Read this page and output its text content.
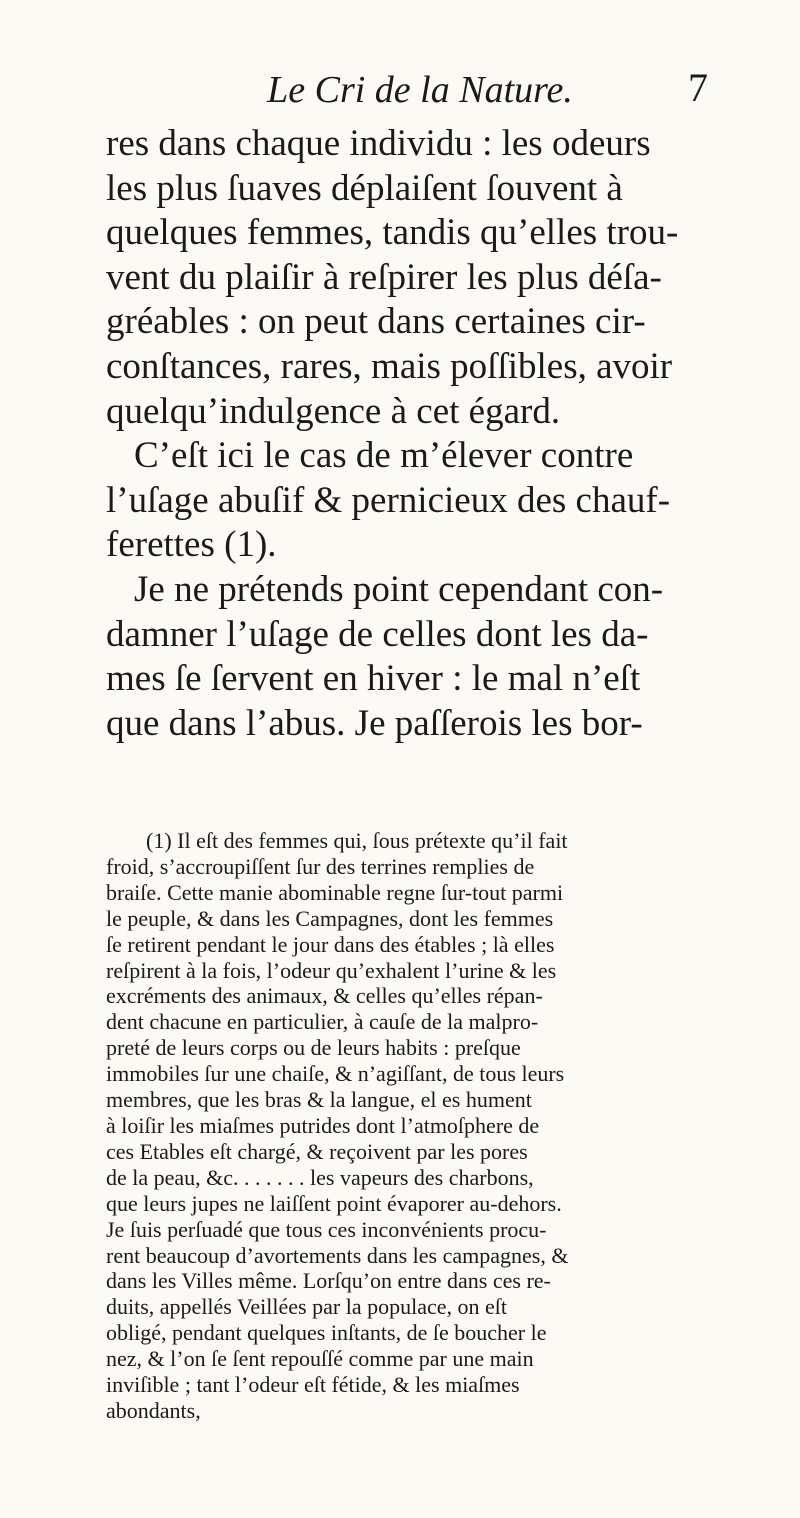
Le Cri de la Nature.	7
res dans chaque individu : les odeurs
les plus ſuaves déplaiſent ſouvent à
quelques femmes, tandis qu’elles trou-
vent du plaiſir à reſpirer les plus déſa-
gréables : on peut dans certaines cir-
conſtances, rares, mais poſſibles, avoir
quelqu’indulgence à cet égard.
C’eſt ici le cas de m’élever contre
l’uſage abuſif & pernicieux des chauf-
ferettes (1).
Je ne prétends point cependant con-
damner l’uſage de celles dont les da-
mes ſe ſervent en hiver : le mal n’eſt
que dans l’abus. Je paſſerois les bor-
(1) Il eſt des femmes qui, ſous prétexte qu’il fait
froid, s’accroupiſſent ſur des terrines remplies de
braiſe. Cette manie abominable regne ſur-tout parmi
le peuple, & dans les Campagnes, dont les femmes
ſe retirent pendant le jour dans des étables ; là elles
reſpirent à la fois, l’odeur qu’exhalent l’urine & les
excréments des animaux, & celles qu’elles répan-
dent chacune en particulier, à cauſe de la malpro-
preté de leurs corps ou de leurs habits : preſque
immobiles ſur une chaiſe, & n’agiſſant, de tous leurs
membres, que les bras & la langue, el es hument
à loiſir les miaſmes putrides dont l’atmoſphere de
ces Etables eſt chargé, & reçoivent par les pores
de la peau, &c. . . . . . . les vapeurs des charbons,
que leurs jupes ne laiſſent point évaporer au-dehors.
Je ſuis perſuadé que tous ces inconvénients procu-
rent beaucoup d’avortements dans les campagnes, &
dans les Villes même. Lorſqu’on entre dans ces re-
duits, appellés Veillées par la populace, on eſt
obligé, pendant quelques inſtants, de ſe boucher le
nez, & l’on ſe ſent repouſſé comme par une main
inviſible ; tant l’odeur eſt fétide, & les miaſmes
abondants,
